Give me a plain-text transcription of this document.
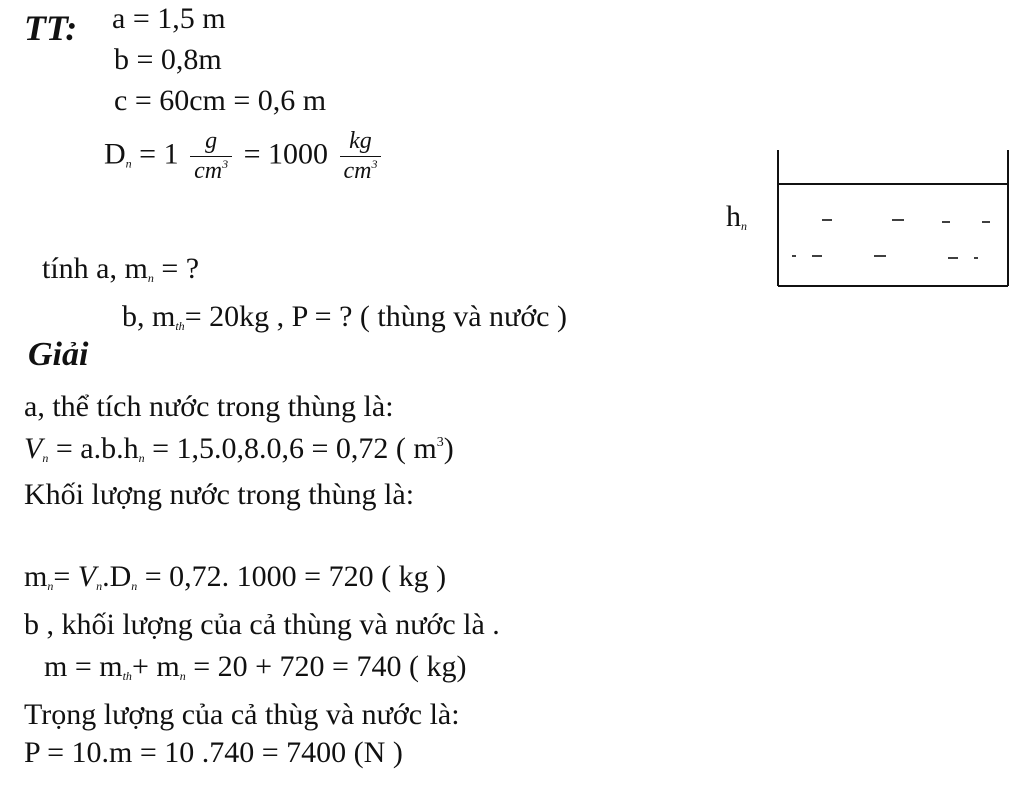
TT: a = 1,5 m
b = 0,8m
c = 60cm = 0,6 m
$D_n = 1 \frac{g}{cm^3} = 1000 \frac{kg}{cm^3}$
tính a, $m_n$ = ?
b, $m_{th}= 20kg$ , P = ? ( thùng và nước )
$h_n$
Giải
a, thể tích nước trong thùng là:
$V_n = a.b.h_n = 1,5.0,8.0,6 = 0,72$ ( $m^3$)
Khối lượng nước trong thùng là:
$m_n= V_n.D_n = 0,72$. 1000 = 720 ( kg )
b , khối lượng của cả thùng và nước là .
$m = m_{th}+ m_n = 20 + 720 = 740$ ( kg)
Trọng lượng của cả thùg và nước là:
P = 10.m = 10 .740 = 7400 (N )
